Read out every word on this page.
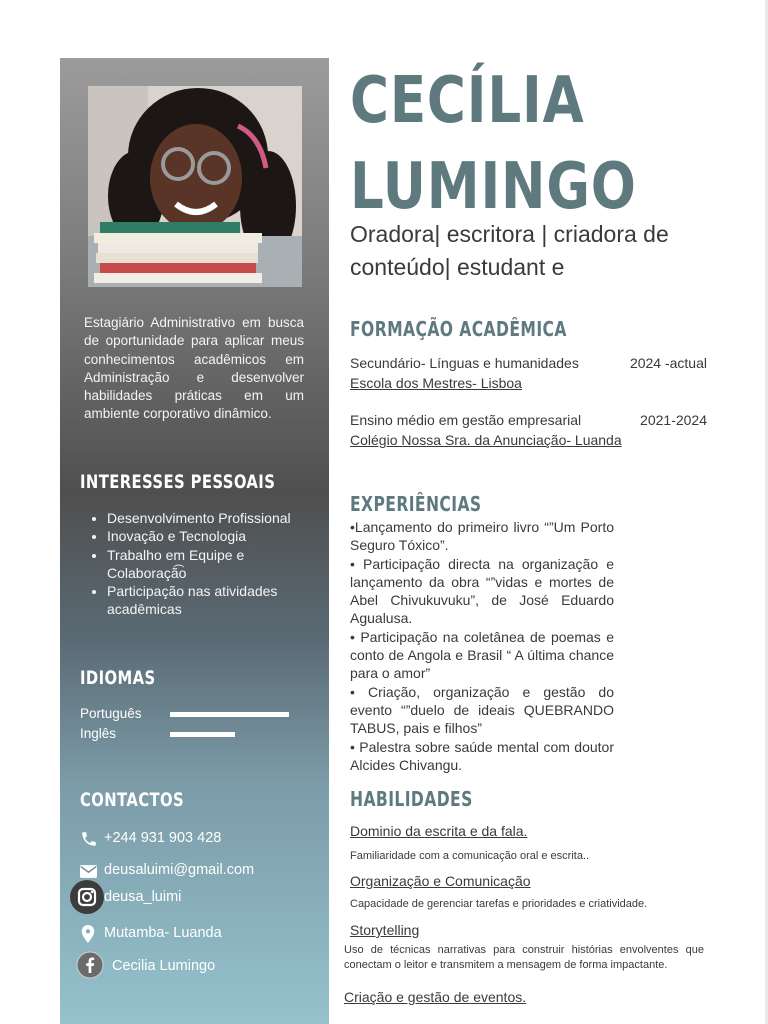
Estagiário Administrativo em busca de oportunidade para aplicar meus conhecimentos acadêmicos em Administração e desenvolver habilidades práticas em um ambiente corporativo dinâmico.

INTERESSES PESSOAIS
• Desenvolvimento Profissional
• Inovação e Tecnologia
• Trabalho em Equipe e Colaboraçã͡o
• Participação nas atividades acadêmicas
IDIOMAS
Português
Inglês
CONTACTOS
+244 931 903 428
deusaluimi@gmail.com
deusa_luimi
Mutamba- Luanda
Cecilia Lumingo
CECÍLIA
LUMINGO

Oradora| escritora | criadora de conteúdo| estudant e

FORMAÇÃO ACADÊMICA
Secundário- Línguas e humanidades	2024 -actual
Escola dos Mestres- Lisboa
Ensino médio em gestão empresarial	2021-2024
Colégio Nossa Sra. da Anunciação- Luanda
EXPERIÊNCIAS

•Lançamento do primeiro livro “”Um Porto Seguro Tóxico”.

• Participação directa na organização e lançamento da obra “”vidas e mortes de Abel Chivukuvuku”, de José Eduardo Agualusa.

• Participação na coletânea de poemas e conto de Angola e Brasil “ A última chance para o amor”

• Criação, organização e gestão do evento “”duelo de ideais QUEBRANDO TABUS, pais e filhos”

• Palestra sobre saúde mental com doutor Alcides Chivangu.

HABILIDADES
Dominio da escrita e da fala.
Familiaridade com a comunicação oral e escrita..
Organização e Comunicação
Capacidade de gerenciar tarefas e prioridades e criatividade.
Storytelling
Uso de técnicas narrativas para construir histórias envolventes que conectam o leitor e transmitem a mensagem de forma impactante.
Criação e gestão de eventos.
